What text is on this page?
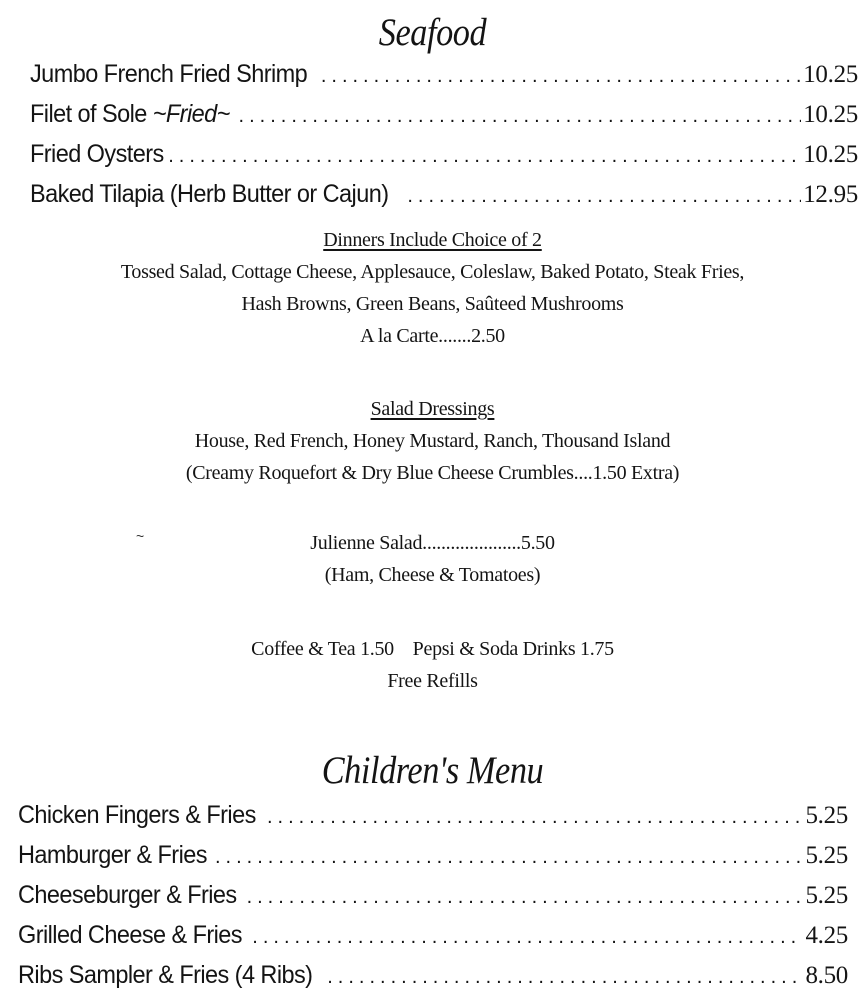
Seafood
Jumbo French Fried Shrimp .....	10.25
Filet of Sole ~Fried~ .....	10.25
Fried Oysters .....	10.25
Baked Tilapia (Herb Butter or Cajun) .....	12.95
Dinners Include Choice of 2
Tossed Salad, Cottage Cheese, Applesauce, Coleslaw, Baked Potato, Steak Fries,
Hash Browns, Green Beans, Saûteed Mushrooms
A la Carte.......2.50
Salad Dressings
House, Red French, Honey Mustard, Ranch, Thousand Island
(Creamy Roquefort & Dry Blue Cheese Crumbles....1.50 Extra)
~	Julienne Salad.....................5.50
(Ham, Cheese & Tomatoes)
Coffee & Tea 1.50    Pepsi & Soda Drinks 1.75
Free Refills
Children's Menu
Chicken Fingers & Fries .....	5.25
Hamburger & Fries .....	5.25
Cheeseburger & Fries .....	5.25
Grilled Cheese & Fries .....	4.25
Ribs Sampler & Fries (4 Ribs) .....	8.50
